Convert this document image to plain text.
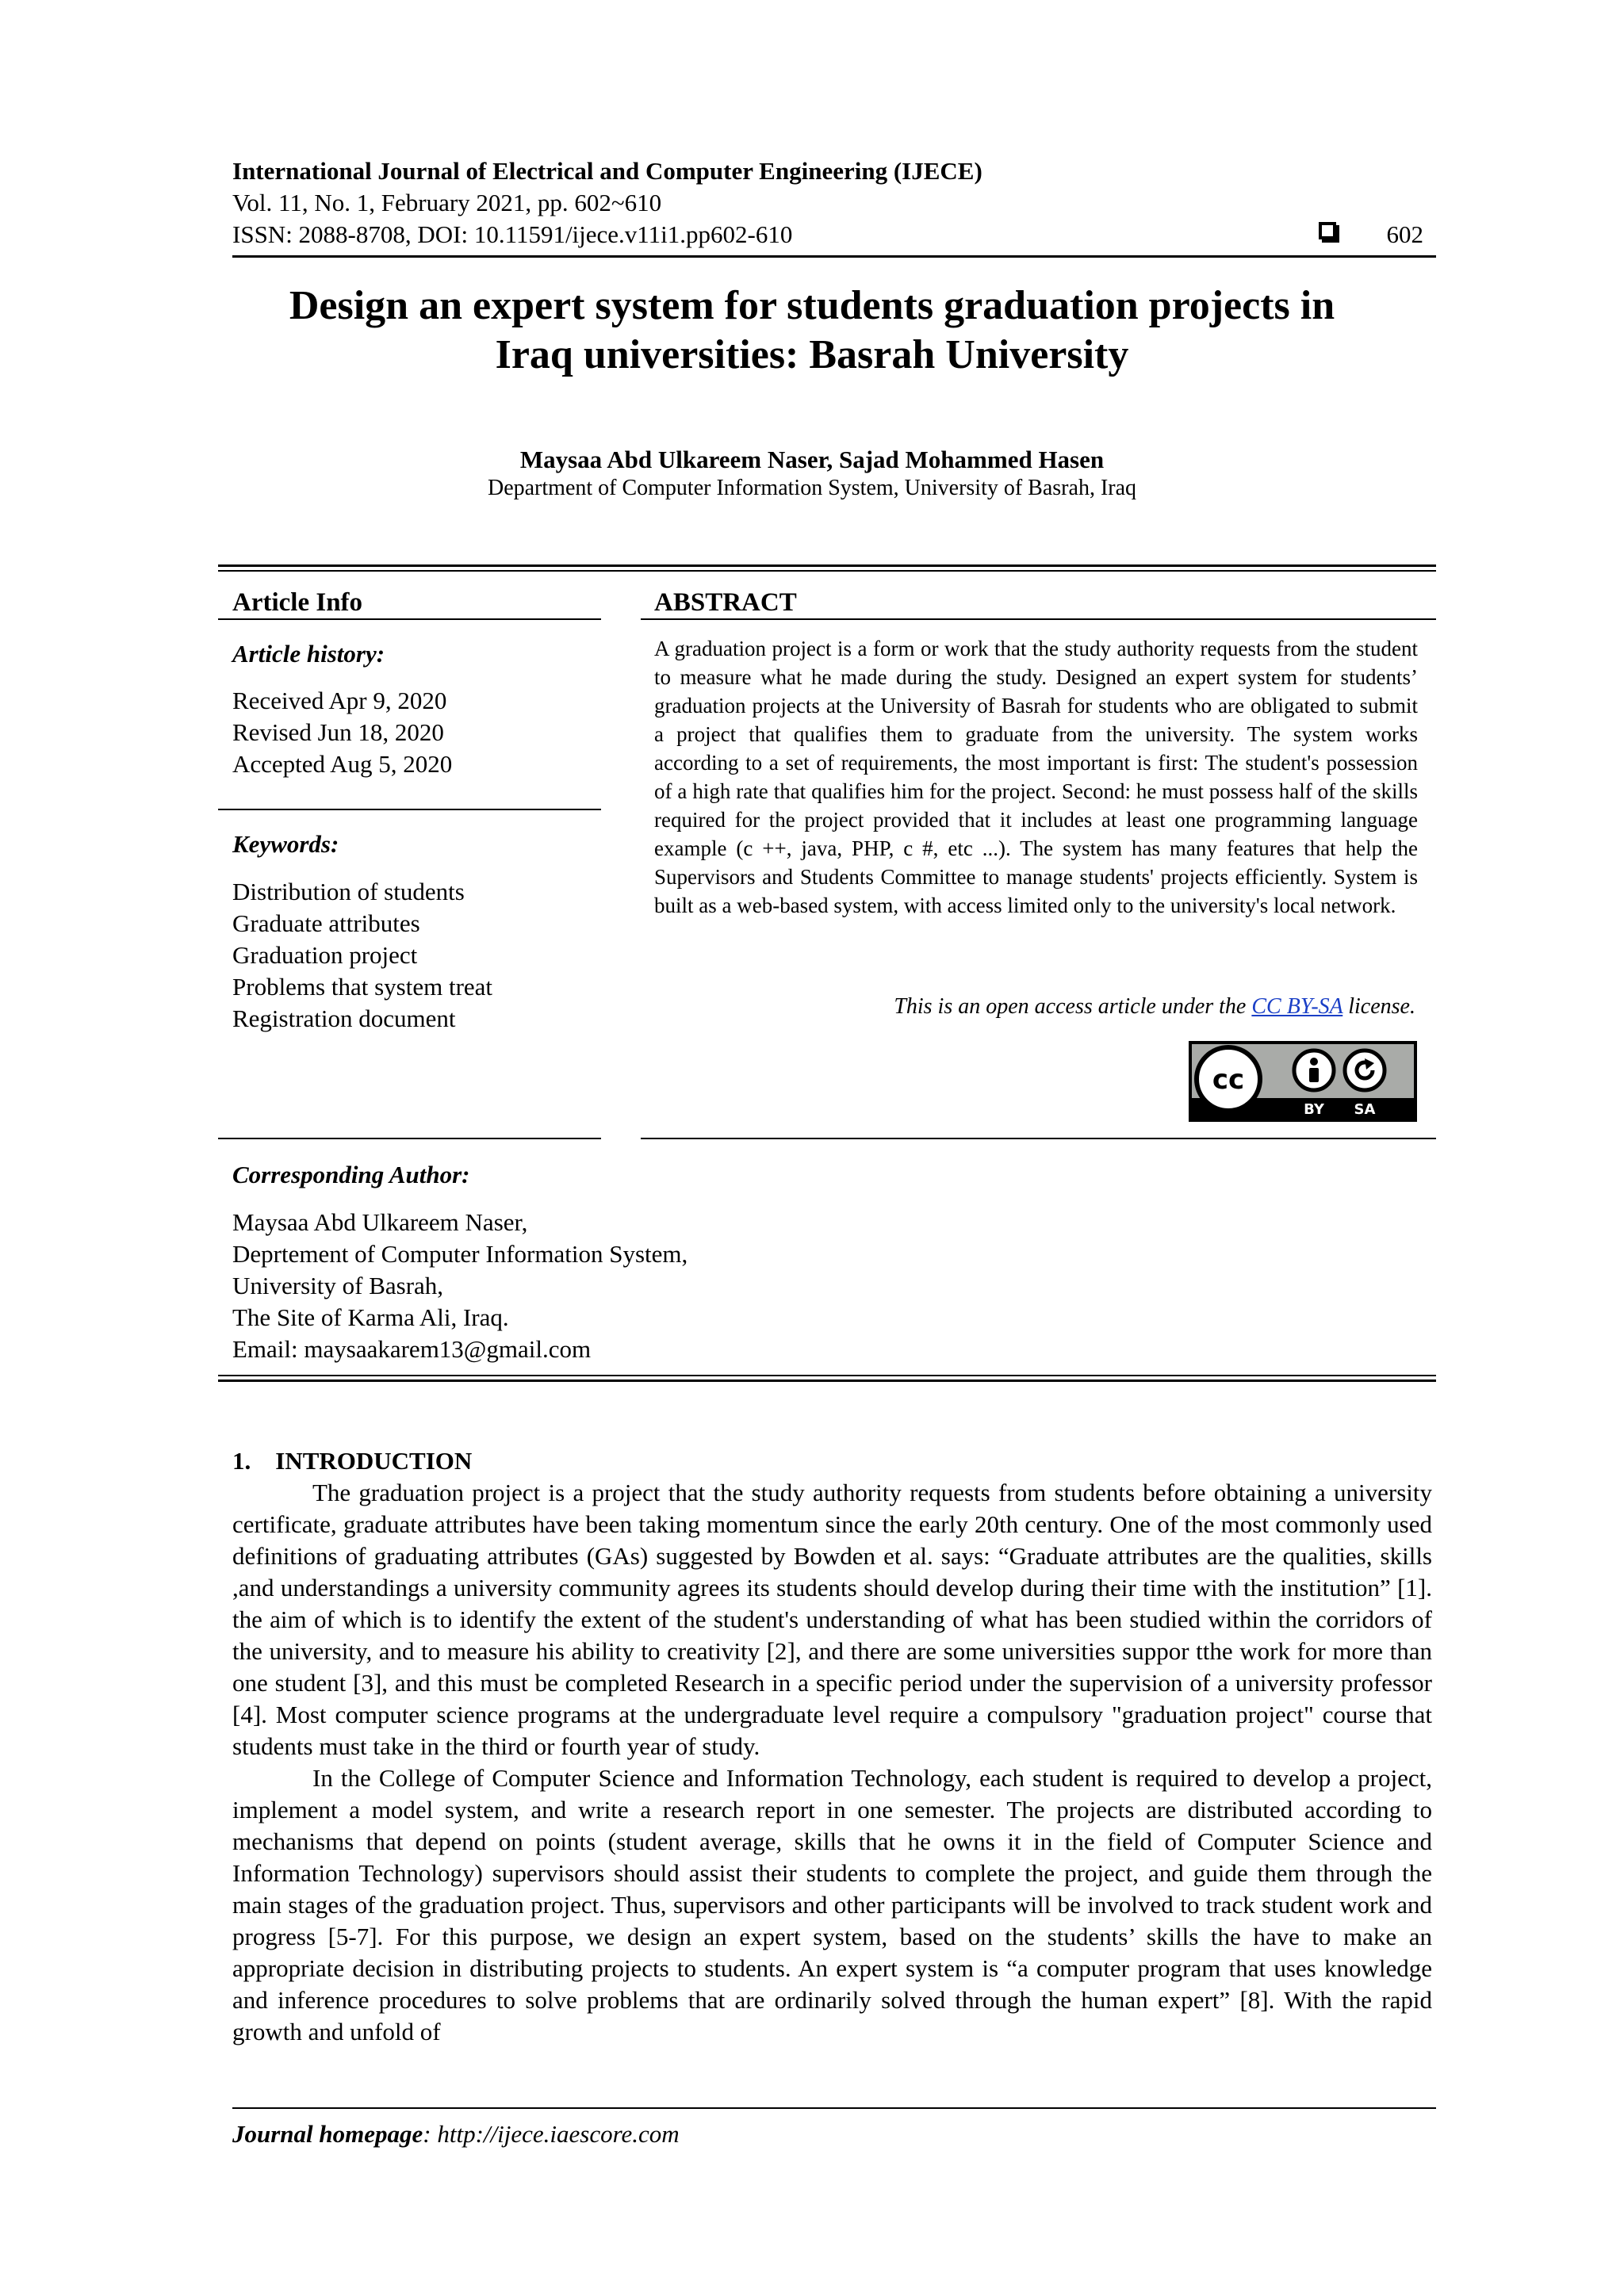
International Journal of Electrical and Computer Engineering (IJECE)
Vol. 11, No. 1, February 2021, pp. 602~610
ISSN: 2088-8708, DOI: 10.11591/ijece.v11i1.pp602-610	602
Design an expert system for students graduation projects in
Iraq universities: Basrah University
Maysaa Abd Ulkareem Naser, Sajad Mohammed Hasen
Department of Computer Information System, University of Basrah, Iraq
Article Info
Article history:
Received Apr 9, 2020
Revised Jun 18, 2020
Accepted Aug 5, 2020
Keywords:
Distribution of students
Graduate attributes
Graduation project
Problems that system treat
Registration document
ABSTRACT
A graduation project is a form or work that the study authority requests from the student to measure what he made during the study. Designed an expert system for students’ graduation projects at the University of Basrah for students who are obligated to submit a project that qualifies them to graduate from the university. The system works according to a set of requirements, the most important is first: The student's possession of a high rate that qualifies him for the project. Second: he must possess half of the skills required for the project provided that it includes at least one programming language example (c ++, java, PHP, c #, etc ...). The system has many features that help the Supervisors and Students Committee to manage students' projects efficiently. System is built as a web-based system, with access limited only to the university's local network.
This is an open access article under the CC BY-SA license.
cc
BY SA
Corresponding Author:
Maysaa Abd Ulkareem Naser,
Deprtement of Computer Information System,
University of Basrah,
The Site of Karma Ali, Iraq.
Email: maysaakarem13@gmail.com

1.    INTRODUCTION

The graduation project is a project that the study authority requests from students before obtaining a university certificate, graduate attributes have been taking momentum since the early 20th century. One of the most commonly used definitions of graduating attributes (GAs) suggested by Bowden et al. says: “Graduate attributes are the qualities, skills ,and understandings a university community agrees its students should develop during their time with the institution” [1]. the aim of which is to identify the extent of the student's understanding of what has been studied within the corridors of the university, and to measure his ability to creativity [2], and there are some universities suppor tthe work for more than one student [3], and this must be completed Research in a specific period under the supervision of a university professor [4]. Most computer science programs at the undergraduate level require a compulsory "graduation project" course that students must take in the third or fourth year of study.

In the College of Computer Science and Information Technology, each student is required to develop a project, implement a model system, and write a research report in one semester. The projects are distributed according to mechanisms that depend on points (student average, skills that he owns it in the field of Computer Science and Information Technology) supervisors should assist their students to complete the project, and guide them through the main stages of the graduation project. Thus, supervisors and other participants will be involved to track student work and progress [5-7]. For this purpose, we design an expert system, based on the students’ skills the have to make an appropriate decision in distributing projects to students. An expert system is “a computer program that uses knowledge and inference procedures to solve problems that are ordinarily solved through the human expert” [8]. With the rapid growth and unfold of

Journal homepage: http://ijece.iaescore.com
